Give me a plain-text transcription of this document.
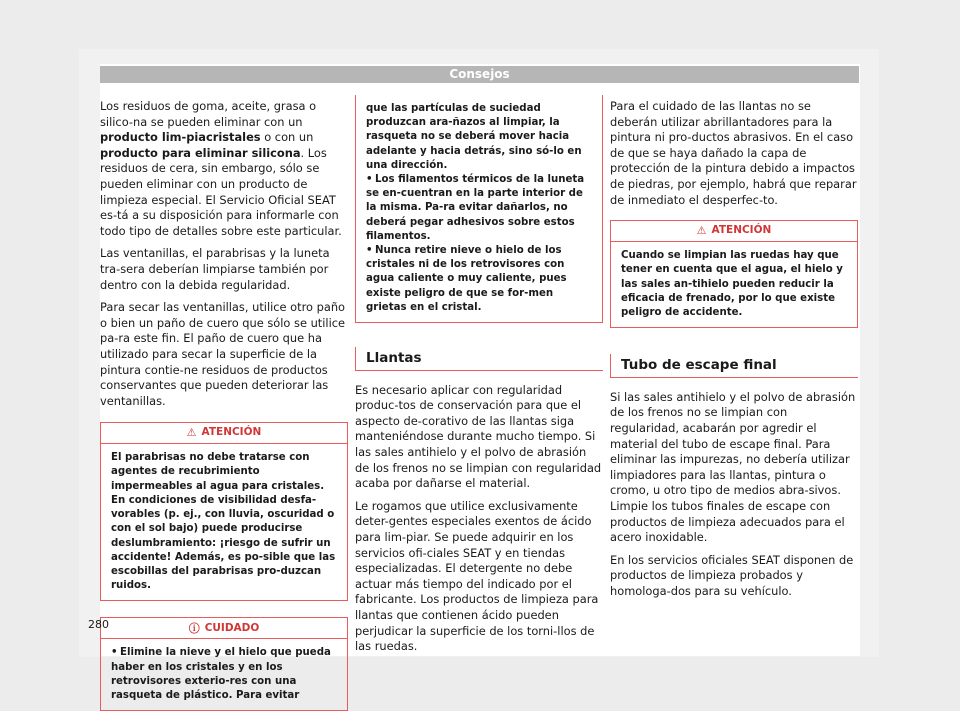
Consejos

Los residuos de goma, aceite, grasa o silico-na se pueden eliminar con un producto lim-piacristales o con un producto para eliminar silicona. Los residuos de cera, sin embargo, sólo se pueden eliminar con un producto de limpieza especial. El Servicio Oficial SEAT es-tá a su disposición para informarle con todo tipo de detalles sobre este particular.

Las ventanillas, el parabrisas y la luneta tra-sera deberían limpiarse también por dentro con la debida regularidad.

Para secar las ventanillas, utilice otro paño o bien un paño de cuero que sólo se utilice pa-ra este fin. El paño de cuero que ha utilizado para secar la superficie de la pintura contie-ne residuos de productos conservantes que pueden deteriorar las ventanillas.

⚠ ATENCIÓN
El parabrisas no debe tratarse con agentes de recubrimiento impermeables al agua para cristales. En condiciones de visibilidad desfa-vorables (p. ej., con lluvia, oscuridad o con el sol bajo) puede producirse deslumbramiento: ¡riesgo de sufrir un accidente! Además, es po-sible que las escobillas del parabrisas pro-duzcan ruidos.
ⓘ CUIDADO
• Elimine la nieve y el hielo que pueda haber en los cristales y en los retrovisores exterio-res con una rasqueta de plástico. Para evitar

que las partículas de suciedad produzcan ara-ñazos al limpiar, la rasqueta no se deberá mover hacia adelante y hacia detrás, sino só-lo en una dirección.

• Los filamentos térmicos de la luneta se en-cuentran en la parte interior de la misma. Pa-ra evitar dañarlos, no deberá pegar adhesivos sobre estos filamentos.

• Nunca retire nieve o hielo de los cristales ni de los retrovisores con agua caliente o muy caliente, pues existe peligro de que se for-men grietas en el cristal.

Llantas

Es necesario aplicar con regularidad produc-tos de conservación para que el aspecto de-corativo de las llantas siga manteniéndose durante mucho tiempo. Si las sales antihielo y el polvo de abrasión de los frenos no se limpian con regularidad acaba por dañarse el material.

Le rogamos que utilice exclusivamente deter-gentes especiales exentos de ácido para lim-piar. Se puede adquirir en los servicios ofi-ciales SEAT y en tiendas especializadas. El detergente no debe actuar más tiempo del indicado por el fabricante. Los productos de limpieza para llantas que contienen ácido pueden perjudicar la superficie de los torni-llos de las ruedas.

Para el cuidado de las llantas no se deberán utilizar abrillantadores para la pintura ni pro-ductos abrasivos. En el caso de que se haya dañado la capa de protección de la pintura debido a impactos de piedras, por ejemplo, habrá que reparar de inmediato el desperfec-to.

⚠ ATENCIÓN
Cuando se limpian las ruedas hay que tener en cuenta que el agua, el hielo y las sales an-tihielo pueden reducir la eficacia de frenado, por lo que existe peligro de accidente.
Tubo de escape final

Si las sales antihielo y el polvo de abrasión de los frenos no se limpian con regularidad, acabarán por agredir el material del tubo de escape final. Para eliminar las impurezas, no debería utilizar limpiadores para las llantas, pintura o cromo, u otro tipo de medios abra-sivos. Limpie los tubos finales de escape con productos de limpieza adecuados para el acero inoxidable.

En los servicios oficiales SEAT disponen de productos de limpieza probados y homologa-dos para su vehículo.

280
